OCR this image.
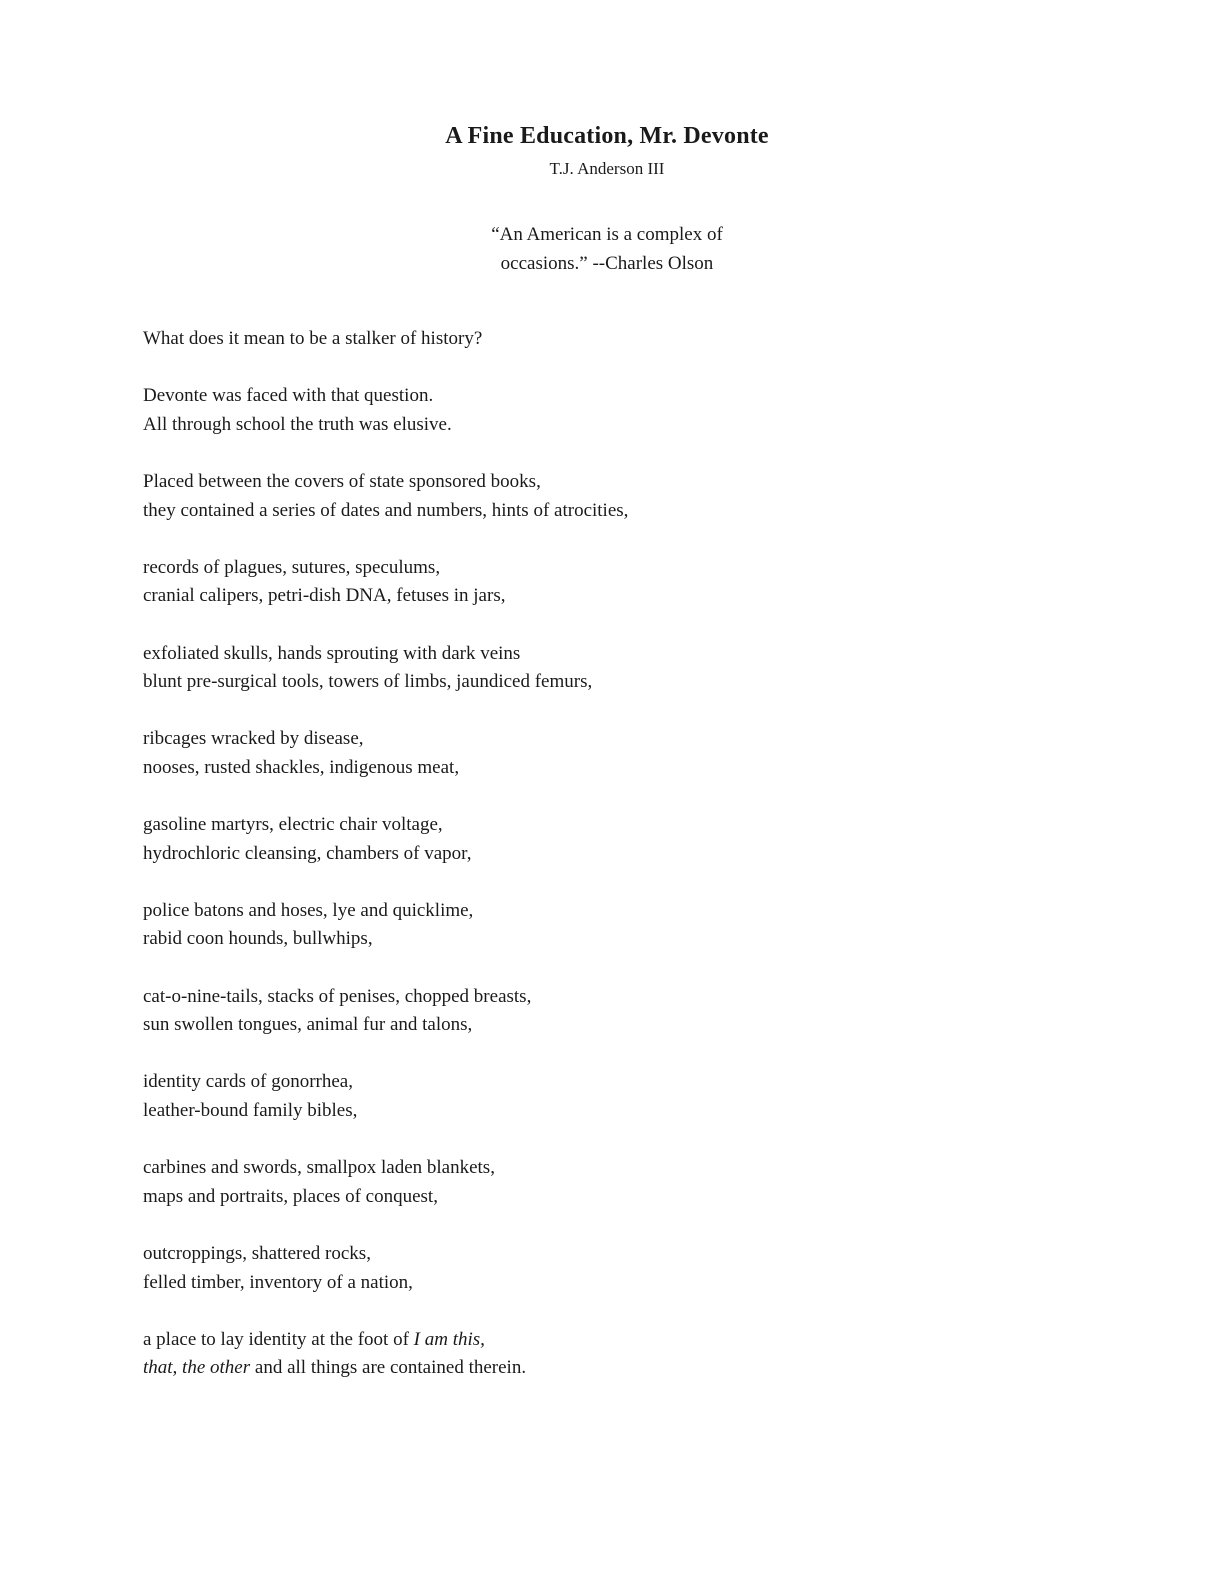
A Fine Education, Mr. Devonte
T.J. Anderson III
“An American is a complex of
occasions.” --Charles Olson
What does it mean to be a stalker of history?
Devonte was faced with that question.
All through school the truth was elusive.
Placed between the covers of state sponsored books,
they contained a series of dates and numbers, hints of atrocities,
records of plagues, sutures, speculums,
cranial calipers, petri-dish DNA, fetuses in jars,
exfoliated skulls, hands sprouting with dark veins
blunt pre-surgical tools, towers of limbs, jaundiced femurs,
ribcages wracked by disease,
nooses, rusted shackles, indigenous meat,
gasoline martyrs, electric chair voltage,
hydrochloric cleansing, chambers of vapor,
police batons and hoses, lye and quicklime,
rabid coon hounds, bullwhips,
cat-o-nine-tails, stacks of penises, chopped breasts,
sun swollen tongues, animal fur and talons,
identity cards of gonorrhea,
leather-bound family bibles,
carbines and swords, smallpox laden blankets,
maps and portraits, places of conquest,
outcroppings, shattered rocks,
felled timber, inventory of a nation,
a place to lay identity at the foot of I am this,
that, the other and all things are contained therein.
